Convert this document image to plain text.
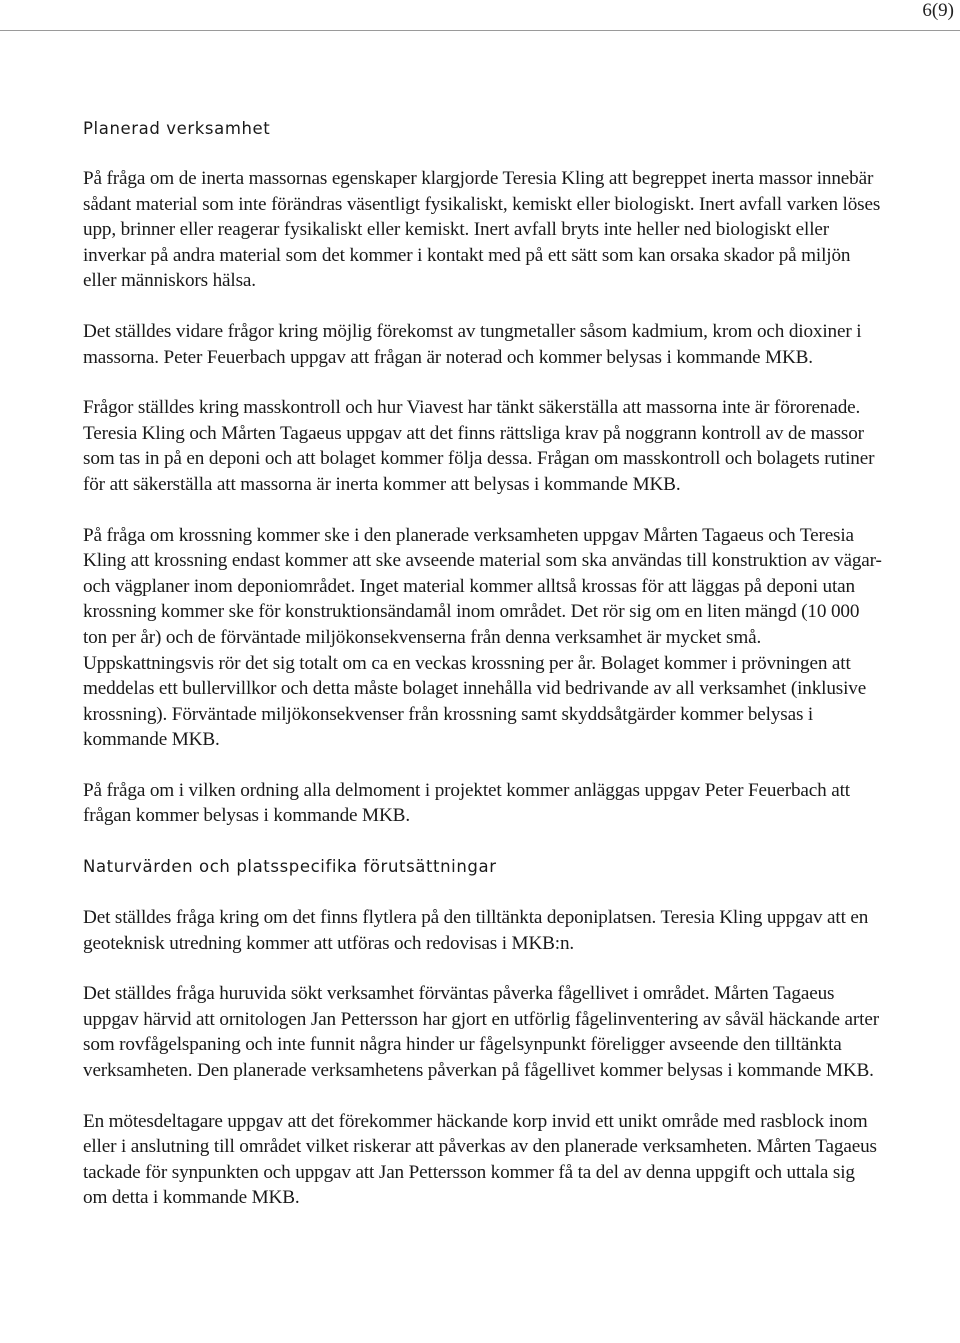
6(9)
Planerad verksamhet

På fråga om de inerta massornas egenskaper klargjorde Teresia Kling att begreppet inerta massor innebär sådant material som inte förändras väsentligt fysikaliskt, kemiskt eller biologiskt. Inert avfall varken löses upp, brinner eller reagerar fysikaliskt eller kemiskt. Inert avfall bryts inte heller ned biologiskt eller inverkar på andra material som det kommer i kontakt med på ett sätt som kan orsaka skador på miljön eller människors hälsa.

Det ställdes vidare frågor kring möjlig förekomst av tungmetaller såsom kadmium, krom och dioxiner i massorna. Peter Feuerbach uppgav att frågan är noterad och kommer belysas i kommande MKB.

Frågor ställdes kring masskontroll och hur Viavest har tänkt säkerställa att massorna inte är förorenade. Teresia Kling och Mårten Tagaeus uppgav att det finns rättsliga krav på noggrann kontroll av de massor som tas in på en deponi och att bolaget kommer följa dessa. Frågan om masskontroll och bolagets rutiner för att säkerställa att massorna är inerta kommer att belysas i kommande MKB.

På fråga om krossning kommer ske i den planerade verksamheten uppgav Mårten Tagaeus och Teresia Kling att krossning endast kommer att ske avseende material som ska användas till konstruktion av vägar- och vägplaner inom deponiområdet. Inget material kommer alltså krossas för att läggas på deponi utan krossning kommer ske för konstruktionsändamål inom området. Det rör sig om en liten mängd (10 000 ton per år) och de förväntade miljökonsekvenserna från denna verksamhet är mycket små. Uppskattningsvis rör det sig totalt om ca en veckas krossning per år. Bolaget kommer i prövningen att meddelas ett bullervillkor och detta måste bolaget innehålla vid bedrivande av all verksamhet (inklusive krossning). Förväntade miljökonsekvenser från krossning samt skyddsåtgärder kommer belysas i kommande MKB.

På fråga om i vilken ordning alla delmoment i projektet kommer anläggas uppgav Peter Feuerbach att frågan kommer belysas i kommande MKB.

Naturvärden och platsspecifika förutsättningar

Det ställdes fråga kring om det finns flytlera på den tilltänkta deponiplatsen. Teresia Kling uppgav att en geoteknisk utredning kommer att utföras och redovisas i MKB:n.

Det ställdes fråga huruvida sökt verksamhet förväntas påverka fågellivet i området. Mårten Tagaeus uppgav härvid att ornitologen Jan Pettersson har gjort en utförlig fågelinventering av såväl häckande arter som rovfågelspaning och inte funnit några hinder ur fågelsynpunkt föreligger avseende den tilltänkta verksamheten. Den planerade verksamhetens påverkan på fågellivet kommer belysas i kommande MKB.

En mötesdeltagare uppgav att det förekommer häckande korp invid ett unikt område med rasblock inom eller i anslutning till området vilket riskerar att påverkas av den planerade verksamheten. Mårten Tagaeus tackade för synpunkten och uppgav att Jan Pettersson kommer få ta del av denna uppgift och uttala sig om detta i kommande MKB.
